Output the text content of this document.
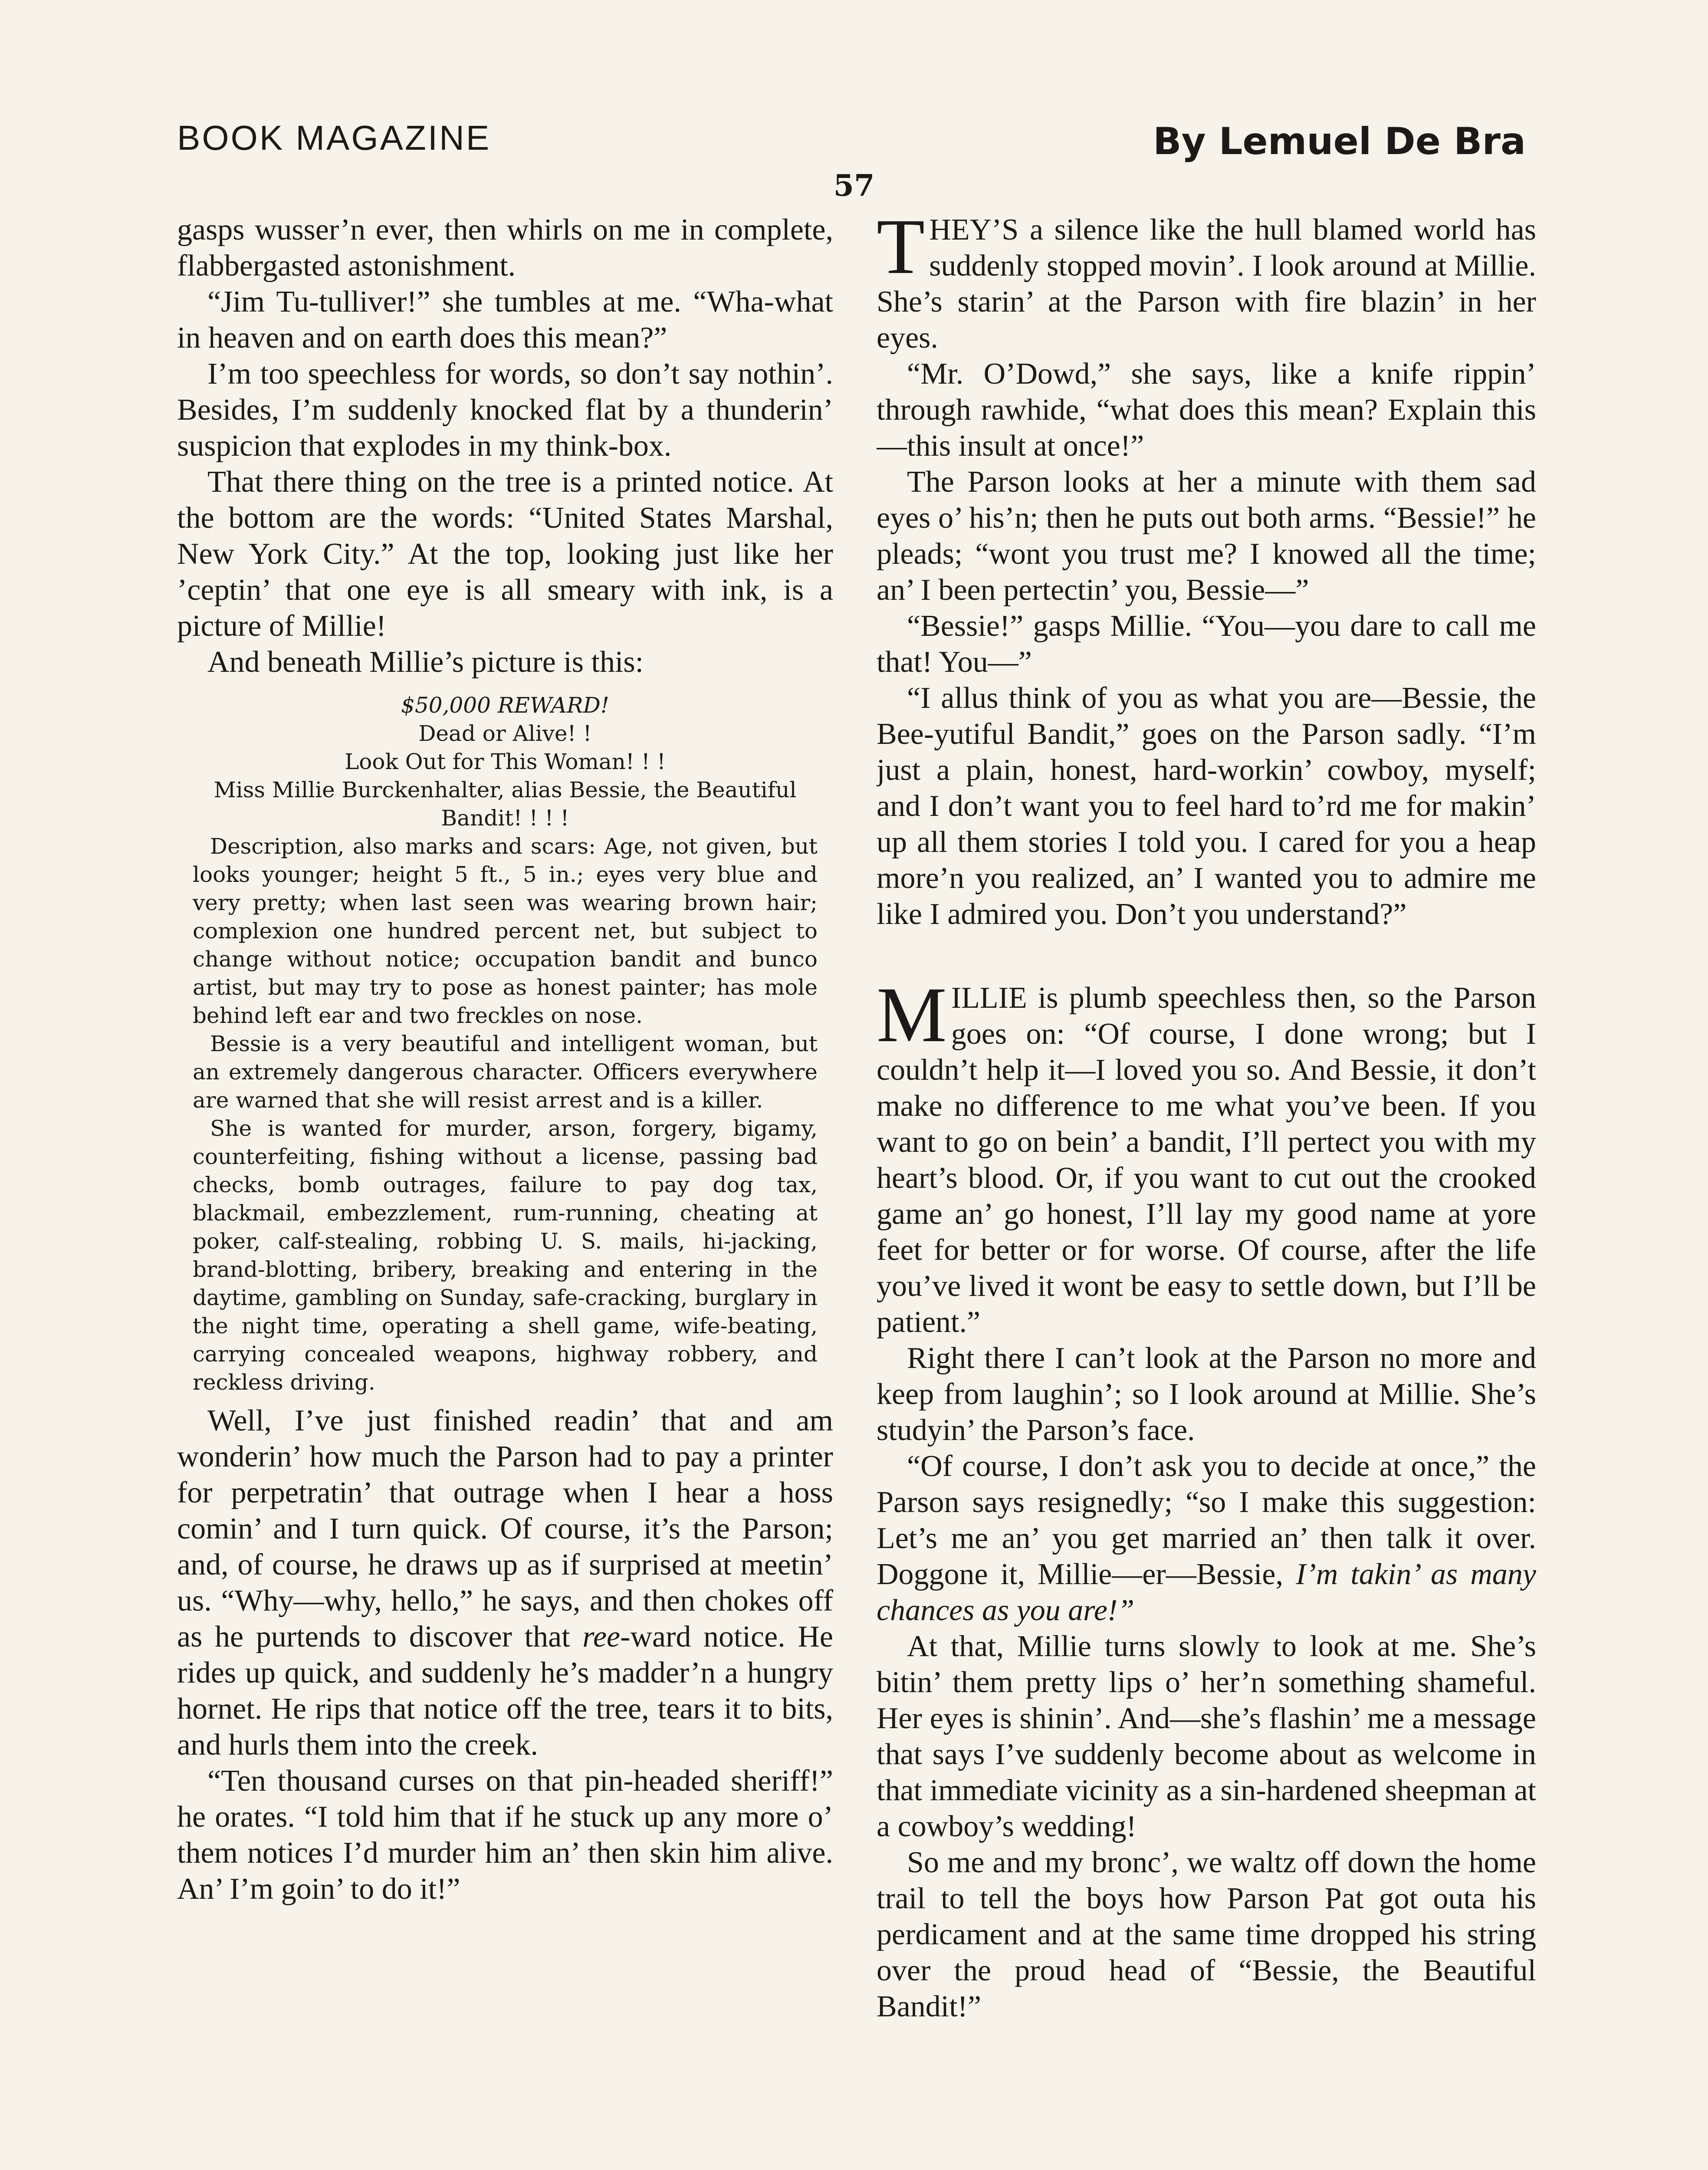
BOOK MAGAZINE	By Lemuel De Bra
57

gasps wusser’n ever, then whirls on me in complete, flabbergasted astonishment.

“Jim Tu-tulliver!” she tumbles at me. “Wha-what in heaven and on earth does this mean?”

I’m too speechless for words, so don’t say nothin’. Besides, I’m suddenly knocked flat by a thunderin’ suspicion that explodes in my think-box.

That there thing on the tree is a printed notice. At the bottom are the words: “United States Marshal, New York City.” At the top, looking just like her ’ceptin’ that one eye is all smeary with ink, is a picture of Millie!

And beneath Millie’s picture is this:

$50,000 REWARD!
Dead or Alive! !
Look Out for This Woman! ! !
Miss Millie Burckenhalter, alias Bessie, the Beautiful Bandit! ! ! !

Description, also marks and scars: Age, not given, but looks younger; height 5 ft., 5 in.; eyes very blue and very pretty; when last seen was wearing brown hair; complexion one hundred percent net, but subject to change without notice; occupation bandit and bunco artist, but may try to pose as honest painter; has mole behind left ear and two freckles on nose.

Bessie is a very beautiful and intelligent woman, but an extremely dangerous character. Officers everywhere are warned that she will resist arrest and is a killer.

She is wanted for murder, arson, forgery, bigamy, counterfeiting, fishing without a license, passing bad checks, bomb outrages, failure to pay dog tax, blackmail, embezzlement, rum-running, cheating at poker, calf-stealing, robbing U. S. mails, hi-jacking, brand-blotting, bribery, breaking and entering in the daytime, gambling on Sunday, safe-cracking, burglary in the night time, operating a shell game, wife-beating, carrying concealed weapons, highway robbery, and reckless driving.

Well, I’ve just finished readin’ that and am wonderin’ how much the Parson had to pay a printer for perpetratin’ that outrage when I hear a hoss comin’ and I turn quick. Of course, it’s the Parson; and, of course, he draws up as if surprised at meetin’ us. “Why—why, hello,” he says, and then chokes off as he purtends to discover that ree-ward notice. He rides up quick, and suddenly he’s madder’n a hungry hornet. He rips that notice off the tree, tears it to bits, and hurls them into the creek.

“Ten thousand curses on that pin-headed sheriff!” he orates. “I told him that if he stuck up any more o’ them notices I’d murder him an’ then skin him alive. An’ I’m goin’ to do it!”

THEY’S a silence like the hull blamed world has suddenly stopped movin’. I look around at Millie. She’s starin’ at the Parson with fire blazin’ in her eyes.

“Mr. O’Dowd,” she says, like a knife rippin’ through rawhide, “what does this mean? Explain this—this insult at once!”

The Parson looks at her a minute with them sad eyes o’ his’n; then he puts out both arms. “Bessie!” he pleads; “wont you trust me? I knowed all the time; an’ I been pertectin’ you, Bessie—”

“Bessie!” gasps Millie. “You—you dare to call me that! You—”

“I allus think of you as what you are—Bessie, the Bee-yutiful Bandit,” goes on the Parson sadly. “I’m just a plain, honest, hard-workin’ cowboy, myself; and I don’t want you to feel hard to’rd me for makin’ up all them stories I told you. I cared for you a heap more’n you realized, an’ I wanted you to admire me like I admired you. Don’t you understand?”

MILLIE is plumb speechless then, so the Parson goes on: “Of course, I done wrong; but I couldn’t help it—I loved you so. And Bessie, it don’t make no difference to me what you’ve been. If you want to go on bein’ a bandit, I’ll pertect you with my heart’s blood. Or, if you want to cut out the crooked game an’ go honest, I’ll lay my good name at yore feet for better or for worse. Of course, after the life you’ve lived it wont be easy to settle down, but I’ll be patient.”

Right there I can’t look at the Parson no more and keep from laughin’; so I look around at Millie. She’s studyin’ the Parson’s face.

“Of course, I don’t ask you to decide at once,” the Parson says resignedly; “so I make this suggestion: Let’s me an’ you get married an’ then talk it over. Doggone it, Millie—er—Bessie, I’m takin’ as many chances as you are!”

At that, Millie turns slowly to look at me. She’s bitin’ them pretty lips o’ her’n something shameful. Her eyes is shinin’. And—she’s flashin’ me a message that says I’ve suddenly become about as welcome in that immediate vicinity as a sin-hardened sheepman at a cowboy’s wedding!

So me and my bronc’, we waltz off down the home trail to tell the boys how Parson Pat got outa his perdicament and at the same time dropped his string over the proud head of “Bessie, the Beautiful Bandit!”
